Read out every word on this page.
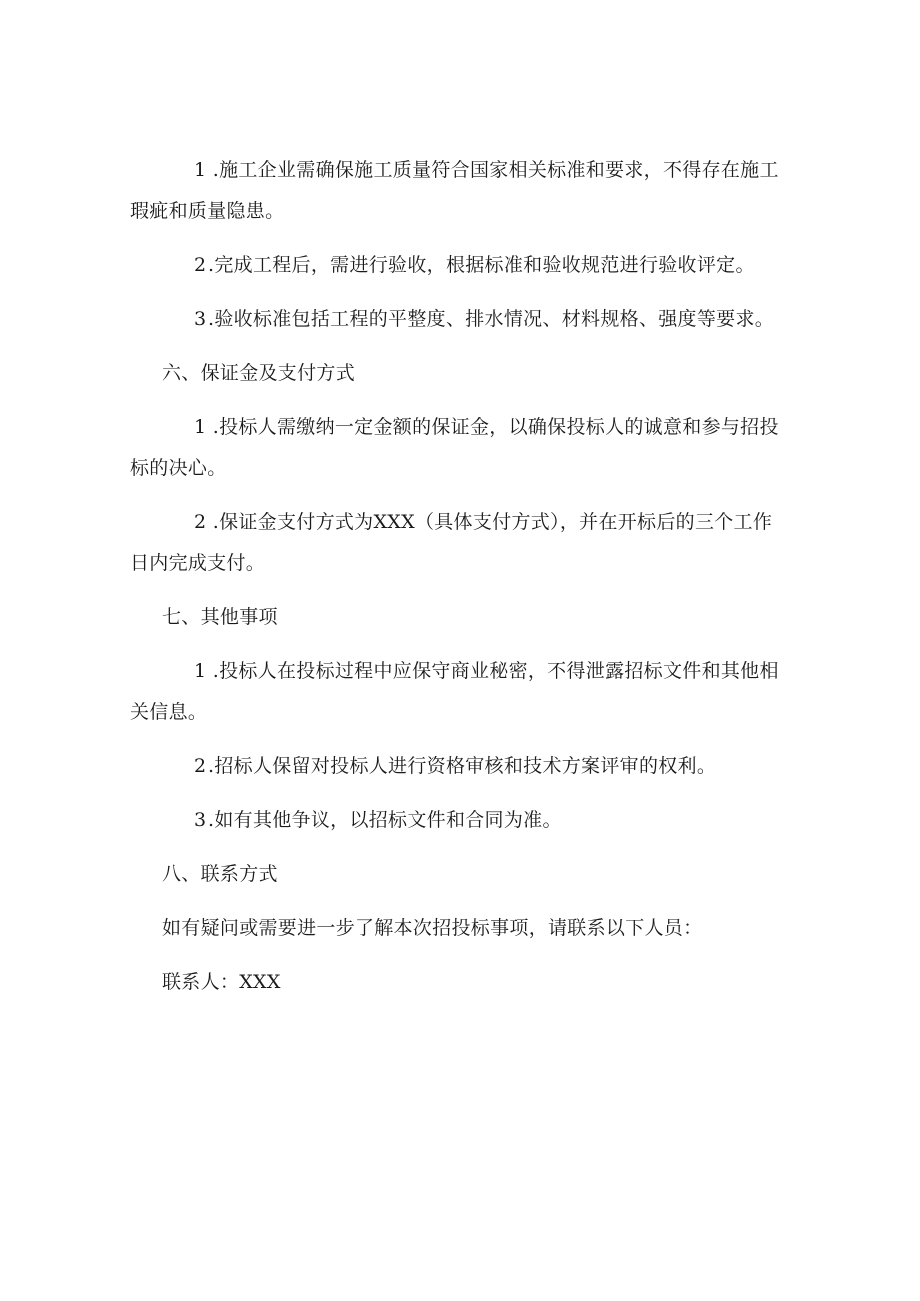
1 .施工企业需确保施工质量符合国家相关标准和要求，不得存在施工瑕疵和质量隐患。

2.完成工程后，需进行验收，根据标准和验收规范进行验收评定。

3.验收标准包括工程的平整度、排水情况、材料规格、强度等要求。

六、保证金及支付方式

1 .投标人需缴纳一定金额的保证金，以确保投标人的诚意和参与招投标的决心。

2 .保证金支付方式为XXX（具体支付方式），并在开标后的三个工作日内完成支付。

七、其他事项

1 .投标人在投标过程中应保守商业秘密，不得泄露招标文件和其他相关信息。

2.招标人保留对投标人进行资格审核和技术方案评审的权利。

3.如有其他争议，以招标文件和合同为准。

八、联系方式

如有疑问或需要进一步了解本次招投标事项，请联系以下人员：

联系人：XXX
